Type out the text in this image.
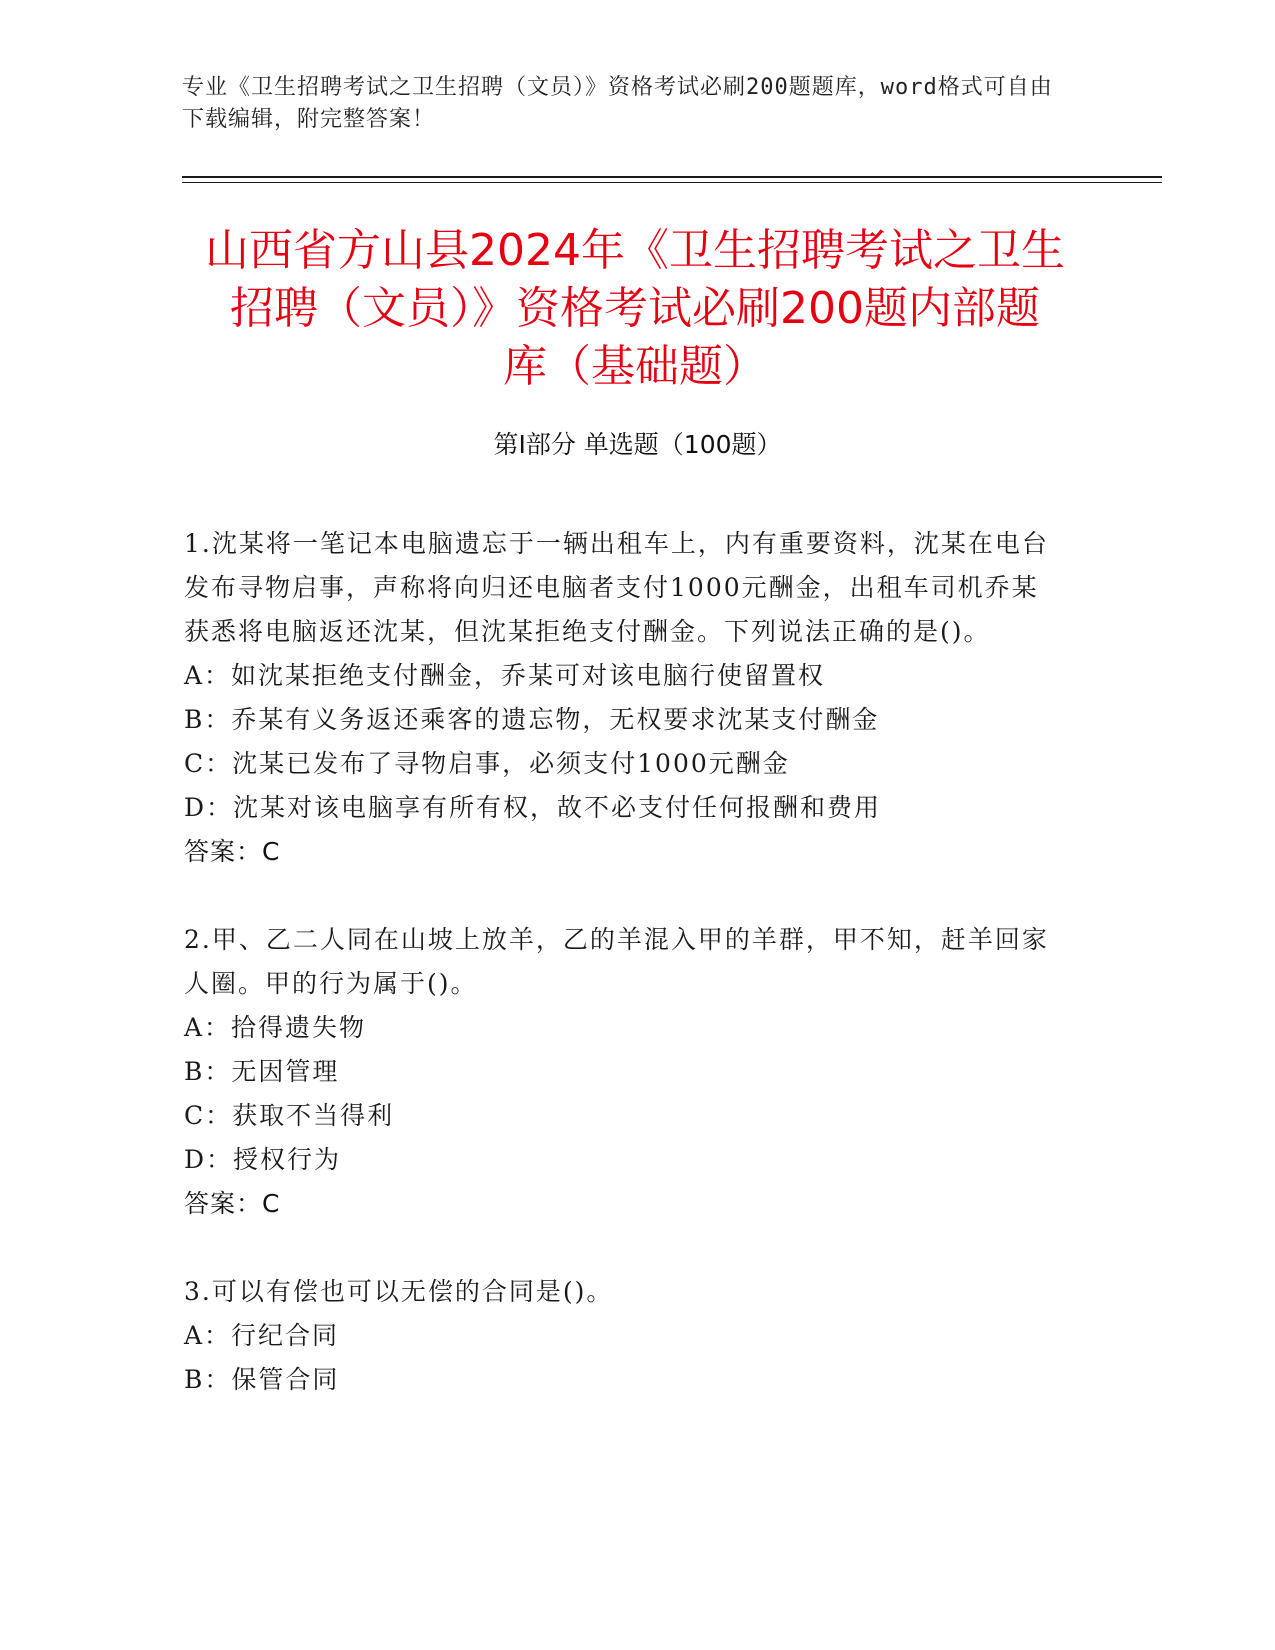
专业《卫生招聘考试之卫生招聘（文员）》资格考试必刷200题题库，word格式可自由下载编辑，附完整答案！
山西省方山县2024年《卫生招聘考试之卫生
招聘（文员）》资格考试必刷200题内部题
库（基础题）
第I部分 单选题（100题）
1.沈某将一笔记本电脑遗忘于一辆出租车上，内有重要资料，沈某在电台发布寻物启事，声称将向归还电脑者支付1000元酬金，出租车司机乔某获悉将电脑返还沈某，但沈某拒绝支付酬金。下列说法正确的是()。
A：如沈某拒绝支付酬金，乔某可对该电脑行使留置权
B：乔某有义务返还乘客的遗忘物，无权要求沈某支付酬金
C：沈某已发布了寻物启事，必须支付1000元酬金
D：沈某对该电脑享有所有权，故不必支付任何报酬和费用
答案：C
2.甲、乙二人同在山坡上放羊，乙的羊混入甲的羊群，甲不知，赶羊回家人圈。甲的行为属于()。
A：拾得遗失物
B：无因管理
C：获取不当得利
D：授权行为
答案：C
3.可以有偿也可以无偿的合同是()。
A：行纪合同
B：保管合同
